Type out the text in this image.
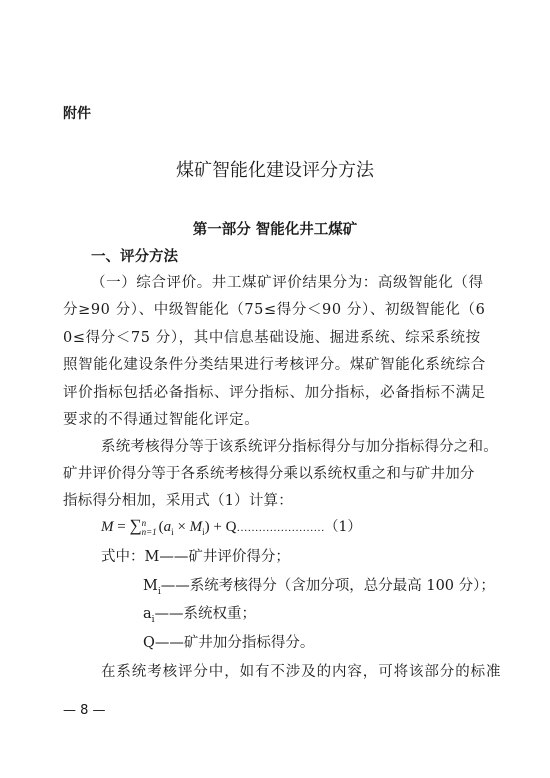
附件
煤矿智能化建设评分方法
第一部分 智能化井工煤矿
一、评分方法
（一）综合评价。井工煤矿评价结果分为：高级智能化（得
分≥90 分）、中级智能化（75≤得分＜90 分）、初级智能化（6
0≤得分＜75 分），其中信息基础设施、掘进系统、综采系统按
照智能化建设条件分类结果进行考核评分。煤矿智能化系统综合
评价指标包括必备指标、评分指标、加分指标，必备指标不满足
要求的不得通过智能化评定。
系统考核得分等于该系统评分指标得分与加分指标得分之和。
矿井评价得分等于各系统考核得分乘以系统权重之和与矿井加分
指标得分相加，采用式（1）计算：
M = ∑ n
n=1 $(a_i \times M_i)$ + Q……………………（1）
式中：M——矿井评价得分；
$M_i——$系统考核得分（含加分项，总分最高 100 分）；
$a_i——$系统权重；
Q——矿井加分指标得分。
在系统考核评分中，如有不涉及的内容，可将该部分的标准
— 8 —
